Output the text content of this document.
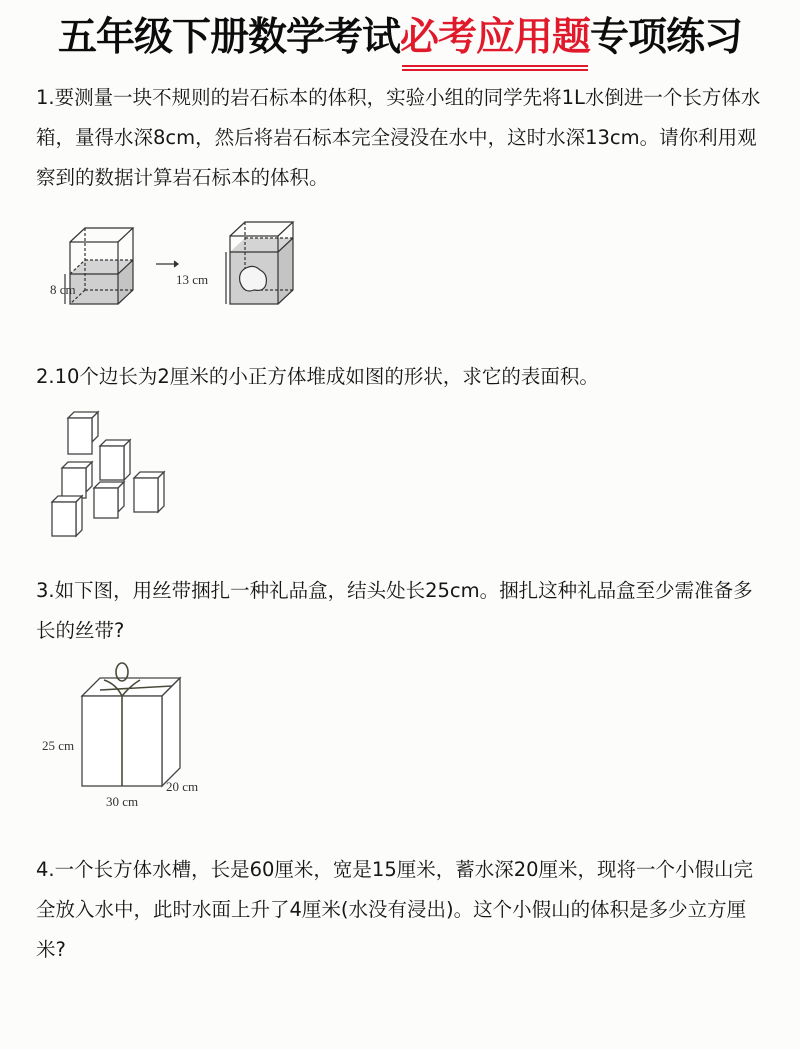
五年级下册数学考试必考应用题专项练习
1.要测量一块不规则的岩石标本的体积，实验小组的同学先将1L水倒进一个长方体水箱，量得水深8cm，然后将岩石标本完全浸没在水中，这时水深13cm。请你利用观察到的数据计算岩石标本的体积。
8 cm
13 cm
2.10个边长为2厘米的小正方体堆成如图的形状，求它的表面积。
3.如下图，用丝带捆扎一种礼品盒，结头处长25cm。捆扎这种礼品盒至少需准备多长的丝带?
25 cm
30 cm
20 cm
4.一个长方体水槽，长是60厘米，宽是15厘米，蓄水深20厘米，现将一个小假山完全放入水中，此时水面上升了4厘米(水没有浸出)。这个小假山的体积是多少立方厘米?
